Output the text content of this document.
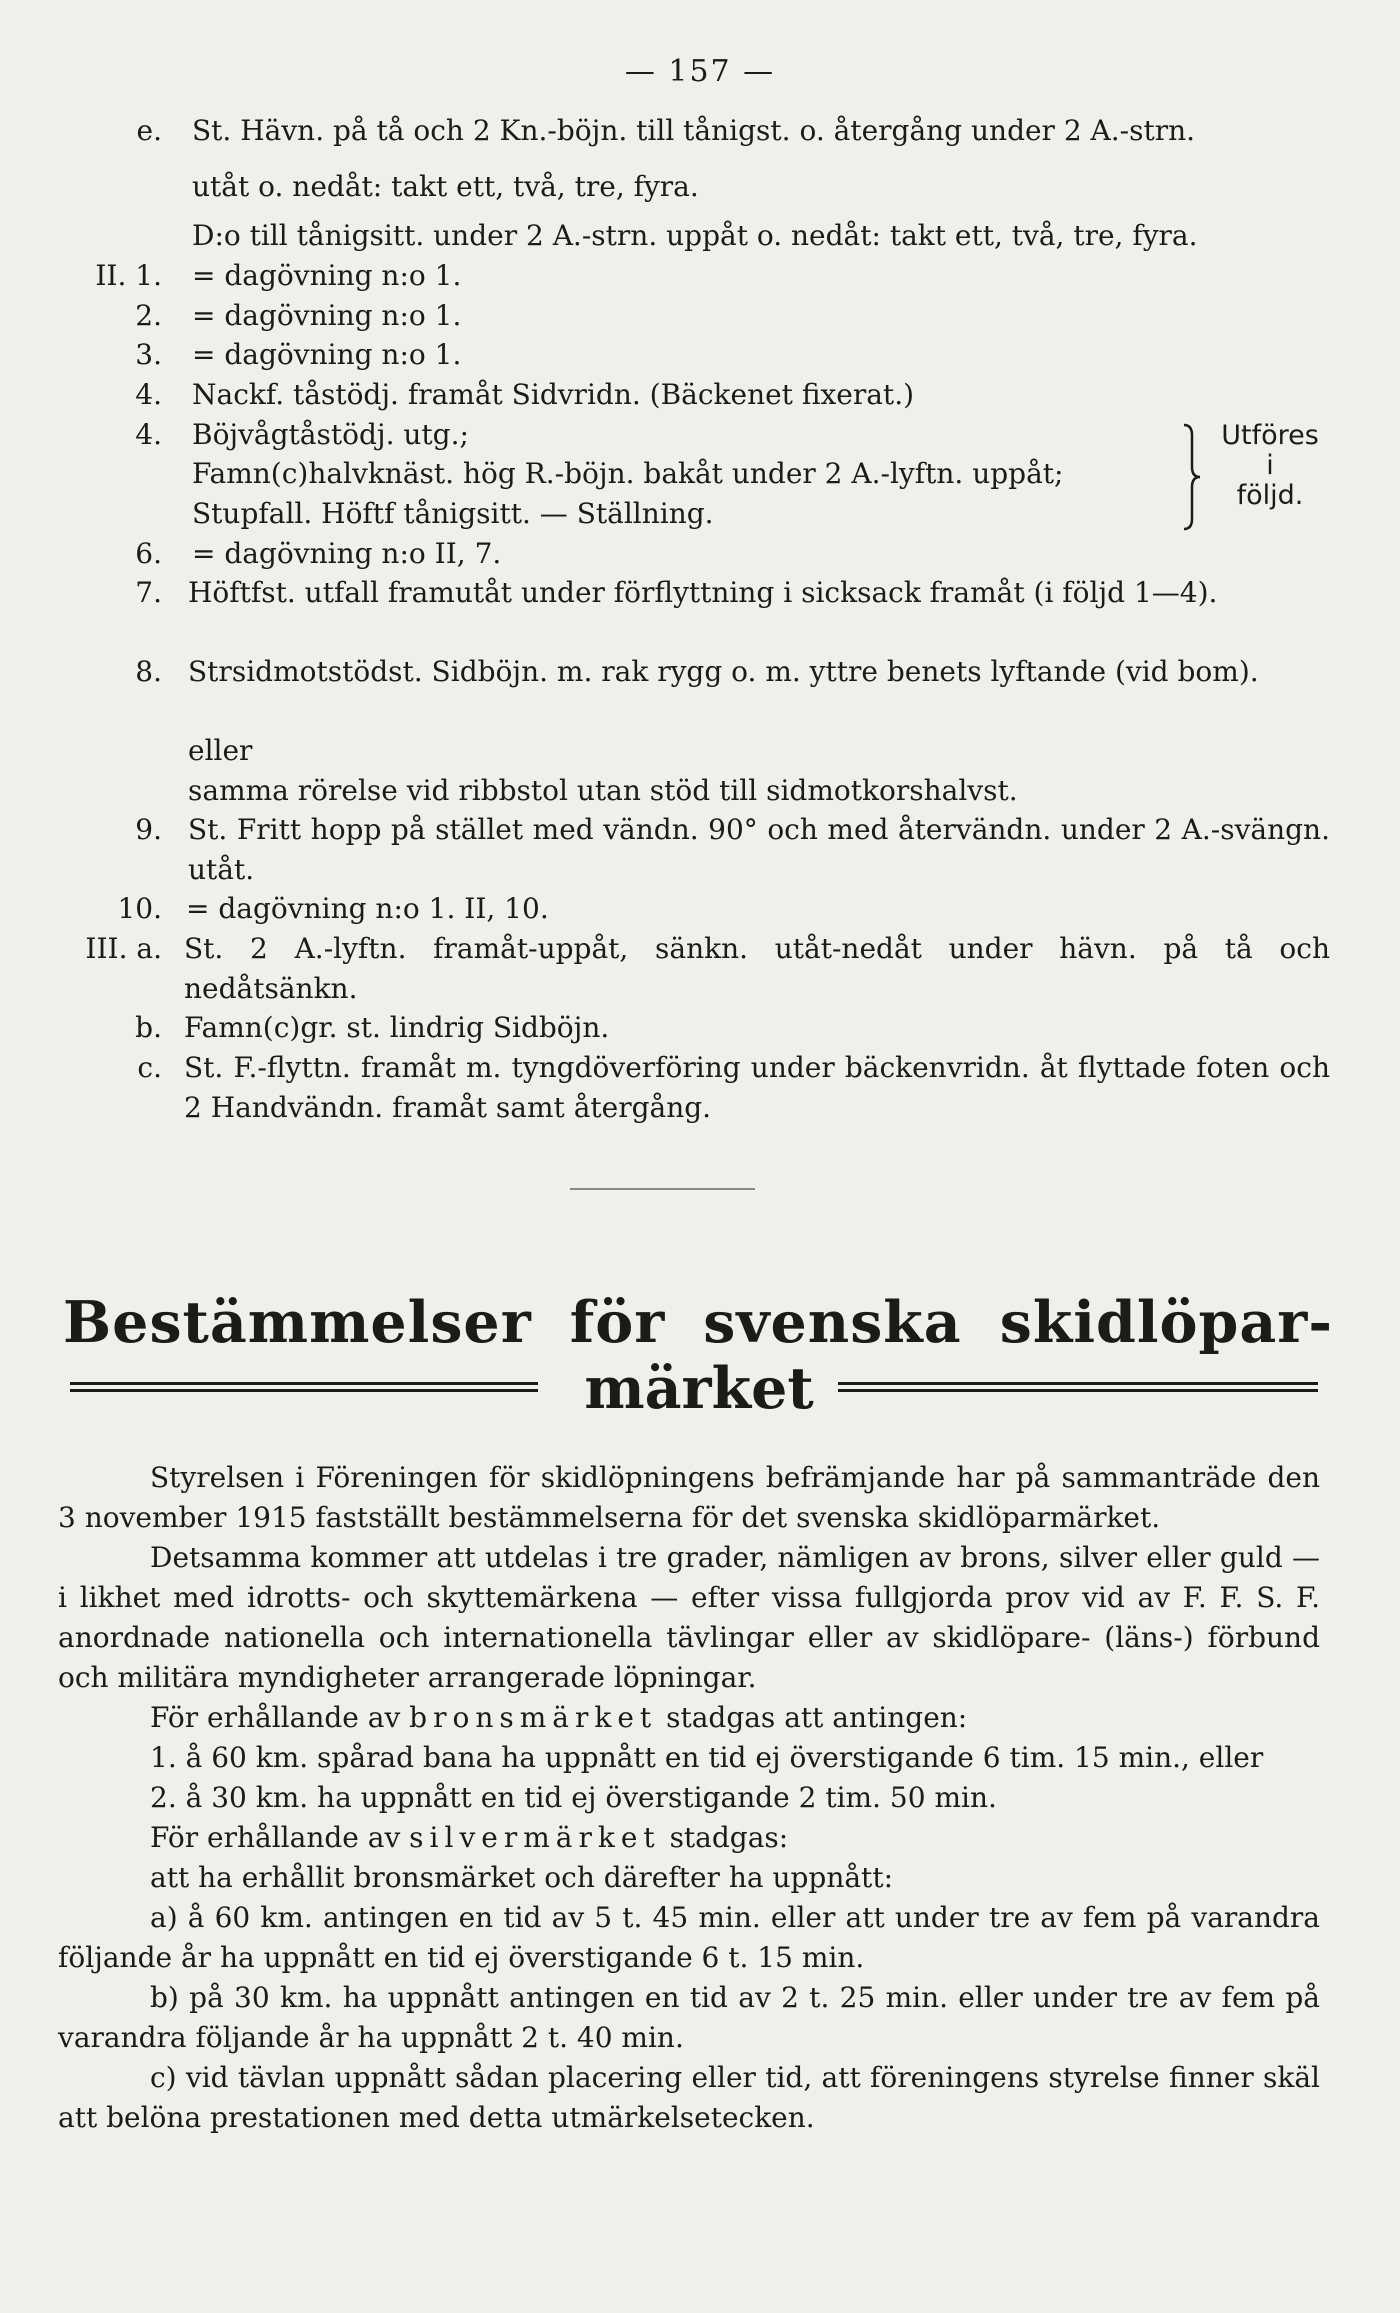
— 157 —
e. St. Hävn. på tå och 2 Kn.-böjn. till tånigst. o. återgång under 2 A.-strn.
utåt o. nedåt: takt ett, två, tre, fyra.
D:o till tånigsitt. under 2 A.-strn. uppåt o. nedåt: takt ett, två, tre, fyra.
II. 1. = dagövning n:o 1.
2. = dagövning n:o 1.
3. = dagövning n:o 1.
4. Nackf. tåstödj. framåt Sidvridn. (Bäckenet fixerat.)
4. Böjvågtåstödj. utg.;
Famn(c)halvknäst. hög R.-böjn. bakåt under 2 A.-lyftn. uppåt;
Stupfall. Höftf tånigsitt. — Ställning.
Utföres
i
följd.
6. = dagövning n:o II, 7.
7. Höftfst. utfall framutåt under förflyttning i sicksack framåt (i följd 1—4).
8. Strsidmotstödst. Sidböjn. m. rak rygg o. m. yttre benets lyftande (vid bom).
eller
samma rörelse vid ribbstol utan stöd till sidmotkorshalvst.
9. St. Fritt hopp på stället med vändn. 90° och med återvändn. under 2 A.-svängn. utåt.
10. = dagövning n:o 1. II, 10.
III. a. St. 2 A.-lyftn. framåt-uppåt, sänkn. utåt-nedåt under hävn. på tå och nedåtsänkn.
b. Famn(c)gr. st. lindrig Sidböjn.
c. St. F.-flyttn. framåt m. tyngdöverföring under bäckenvridn. åt flyttade foten och 2 Handvändn. framåt samt återgång.
Bestämmelser för svenska skidlöpar-
märket

Styrelsen i Föreningen för skidlöpningens befrämjande har på sammanträde den 3 november 1915 fastställt bestämmelserna för det svenska skidlöparmärket.

Detsamma kommer att utdelas i tre grader, nämligen av brons, silver eller guld — i likhet med idrotts- och skyttemärkena — efter vissa fullgjorda prov vid av F. F. S. F. anordnade nationella och internationella tävlingar eller av skidlöpare- (läns-) förbund och militära myndigheter arrangerade löpningar.

För erhållande av bronsmärket stadgas att antingen:

1. å 60 km. spårad bana ha uppnått en tid ej överstigande 6 tim. 15 min., eller

2. å 30 km. ha uppnått en tid ej överstigande 2 tim. 50 min.

För erhållande av silvermärket stadgas:

att ha erhållit bronsmärket och därefter ha uppnått:

a) å 60 km. antingen en tid av 5 t. 45 min. eller att under tre av fem på varandra följande år ha uppnått en tid ej överstigande 6 t. 15 min.

b) på 30 km. ha uppnått antingen en tid av 2 t. 25 min. eller under tre av fem på varandra följande år ha uppnått 2 t. 40 min.

c) vid tävlan uppnått sådan placering eller tid, att föreningens styrelse finner skäl att belöna prestationen med detta utmärkelsetecken.
